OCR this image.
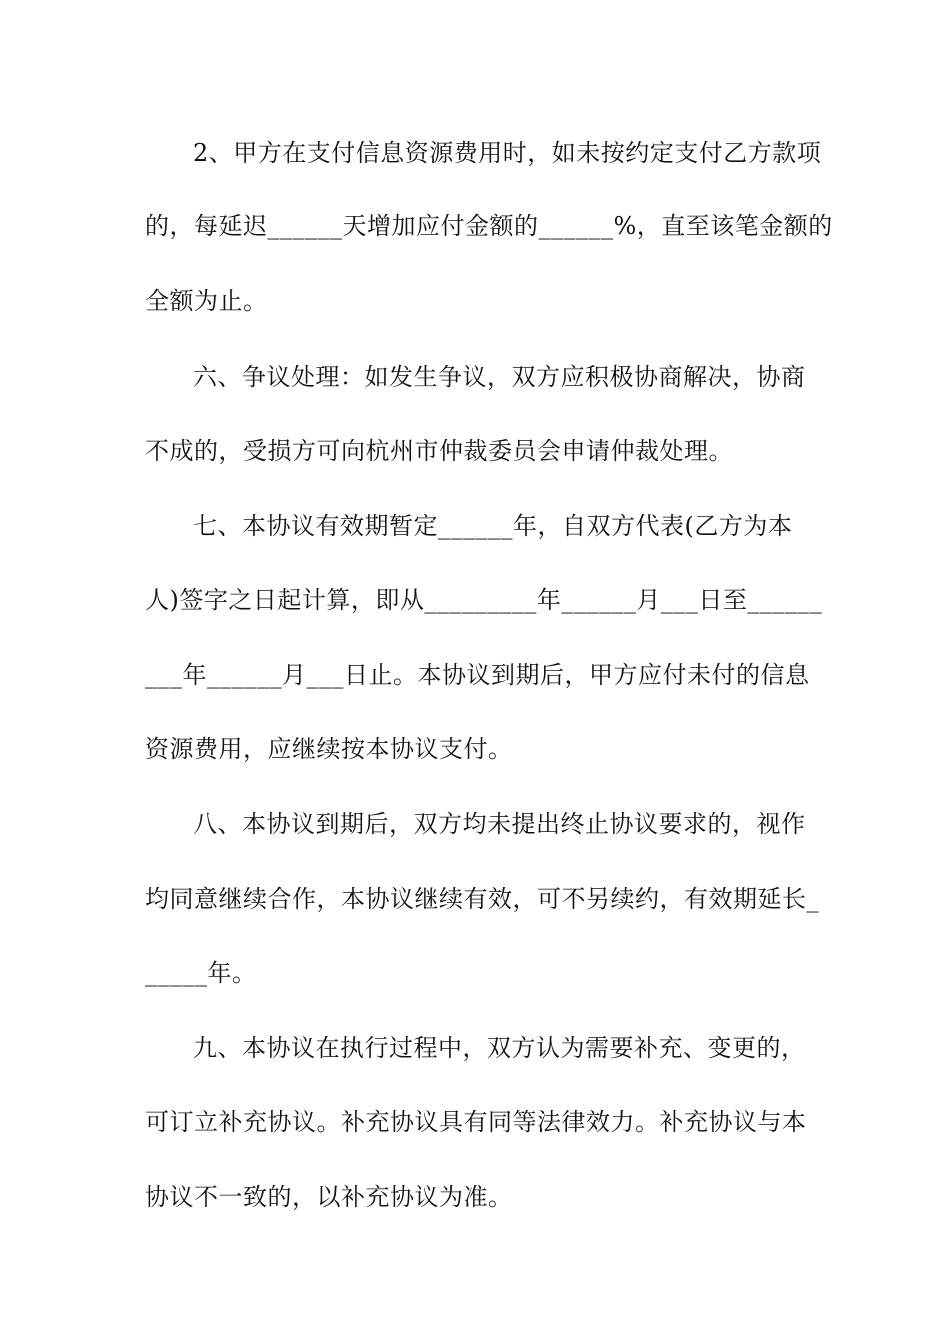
2、甲方在支付信息资源费用时，如未按约定支付乙方款项
的，每延迟______天增加应付金额的______%，直至该笔金额的
全额为止。
六、争议处理：如发生争议，双方应积极协商解决，协商
不成的，受损方可向杭州市仲裁委员会申请仲裁处理。
七、本协议有效期暂定______年，自双方代表(乙方为本
人)签字之日起计算，即从_________年______月___日至______
___年______月___日止。本协议到期后，甲方应付未付的信息
资源费用，应继续按本协议支付。
八、本协议到期后，双方均未提出终止协议要求的，视作
均同意继续合作，本协议继续有效，可不另续约，有效期延长_
_____年。
九、本协议在执行过程中，双方认为需要补充、变更的，
可订立补充协议。补充协议具有同等法律效力。补充协议与本
协议不一致的，以补充协议为准。
